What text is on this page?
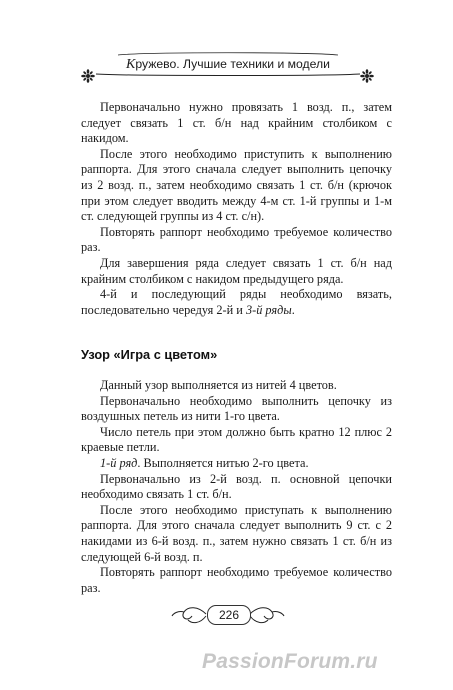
Кружево. Лучшие техники и модели

Первоначально нужно провязать 1 возд. п., затем следует связать 1 ст. б/н над крайним столбиком с накидом.

После этого необходимо приступить к выполнению раппорта. Для этого сначала следует выполнить цепочку из 2 возд. п., затем необходимо связать 1 ст. б/н (крючок при этом следует вводить между 4-м ст. 1-й группы и 1-м ст. следующей группы из 4 ст. с/н).

Повторять раппорт необходимо требуемое количество раз.

Для завершения ряда следует связать 1 ст. б/н над крайним столбиком с накидом предыдущего ряда.

4-й и последующий ряды необходимо вязать, последовательно чередуя 2-й и 3-й ряды.

Узор «Игра с цветом»

Данный узор выполняется из нитей 4 цветов.

Первоначально необходимо выполнить цепочку из воздушных петель из нити 1-го цвета.

Число петель при этом должно быть кратно 12 плюс 2 краевые петли.

1-й ряд. Выполняется нитью 2-го цвета.

Первоначально из 2-й возд. п. основной цепочки необходимо связать 1 ст. б/н.

После этого необходимо приступать к выполнению раппорта. Для этого сначала следует выполнить 9 ст. с 2 накидами из 6-й возд. п., затем нужно связать 1 ст. б/н из следующей 6-й возд. п.

Повторять раппорт необходимо требуемое количество раз.

226
PassionForum.ru
